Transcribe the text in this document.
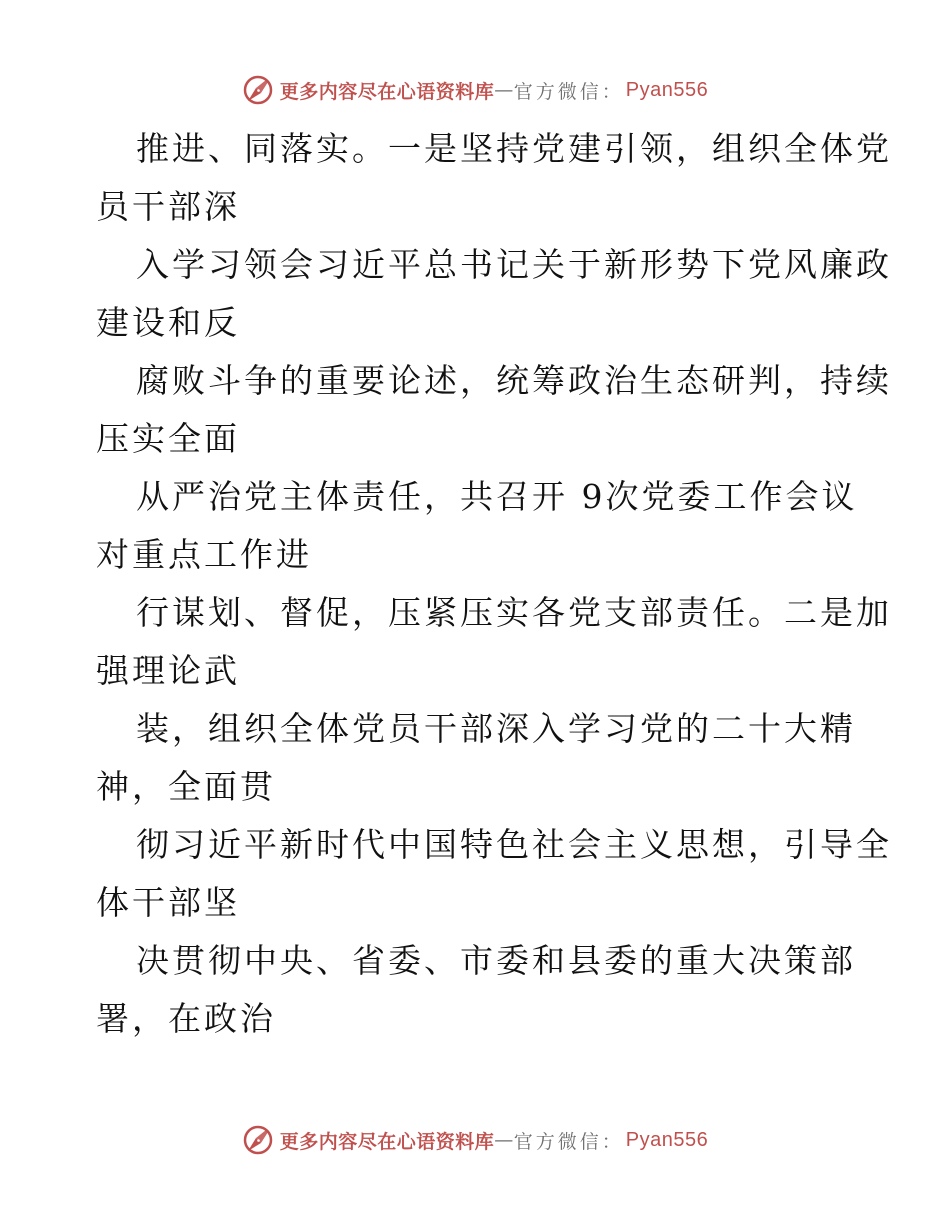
更多内容尽在心语资料库 — 官方微信： Pyan556
推进、同落实。一是坚持党建引领，组织全体党
员干部深
入学习领会习近平总书记关于新形势下党风廉政
建设和反
腐败斗争的重要论述，统筹政治生态研判，持续
压实全面
从严治党主体责任，共召开 9次党委工作会议
对重点工作进
行谋划、督促，压紧压实各党支部责任。二是加
强理论武
装，组织全体党员干部深入学习党的二十大精
神，全面贯
彻习近平新时代中国特色社会主义思想，引导全
体干部坚
决贯彻中央、省委、市委和县委的重大决策部
署，在政治
更多内容尽在心语资料库 — 官方微信： Pyan556
